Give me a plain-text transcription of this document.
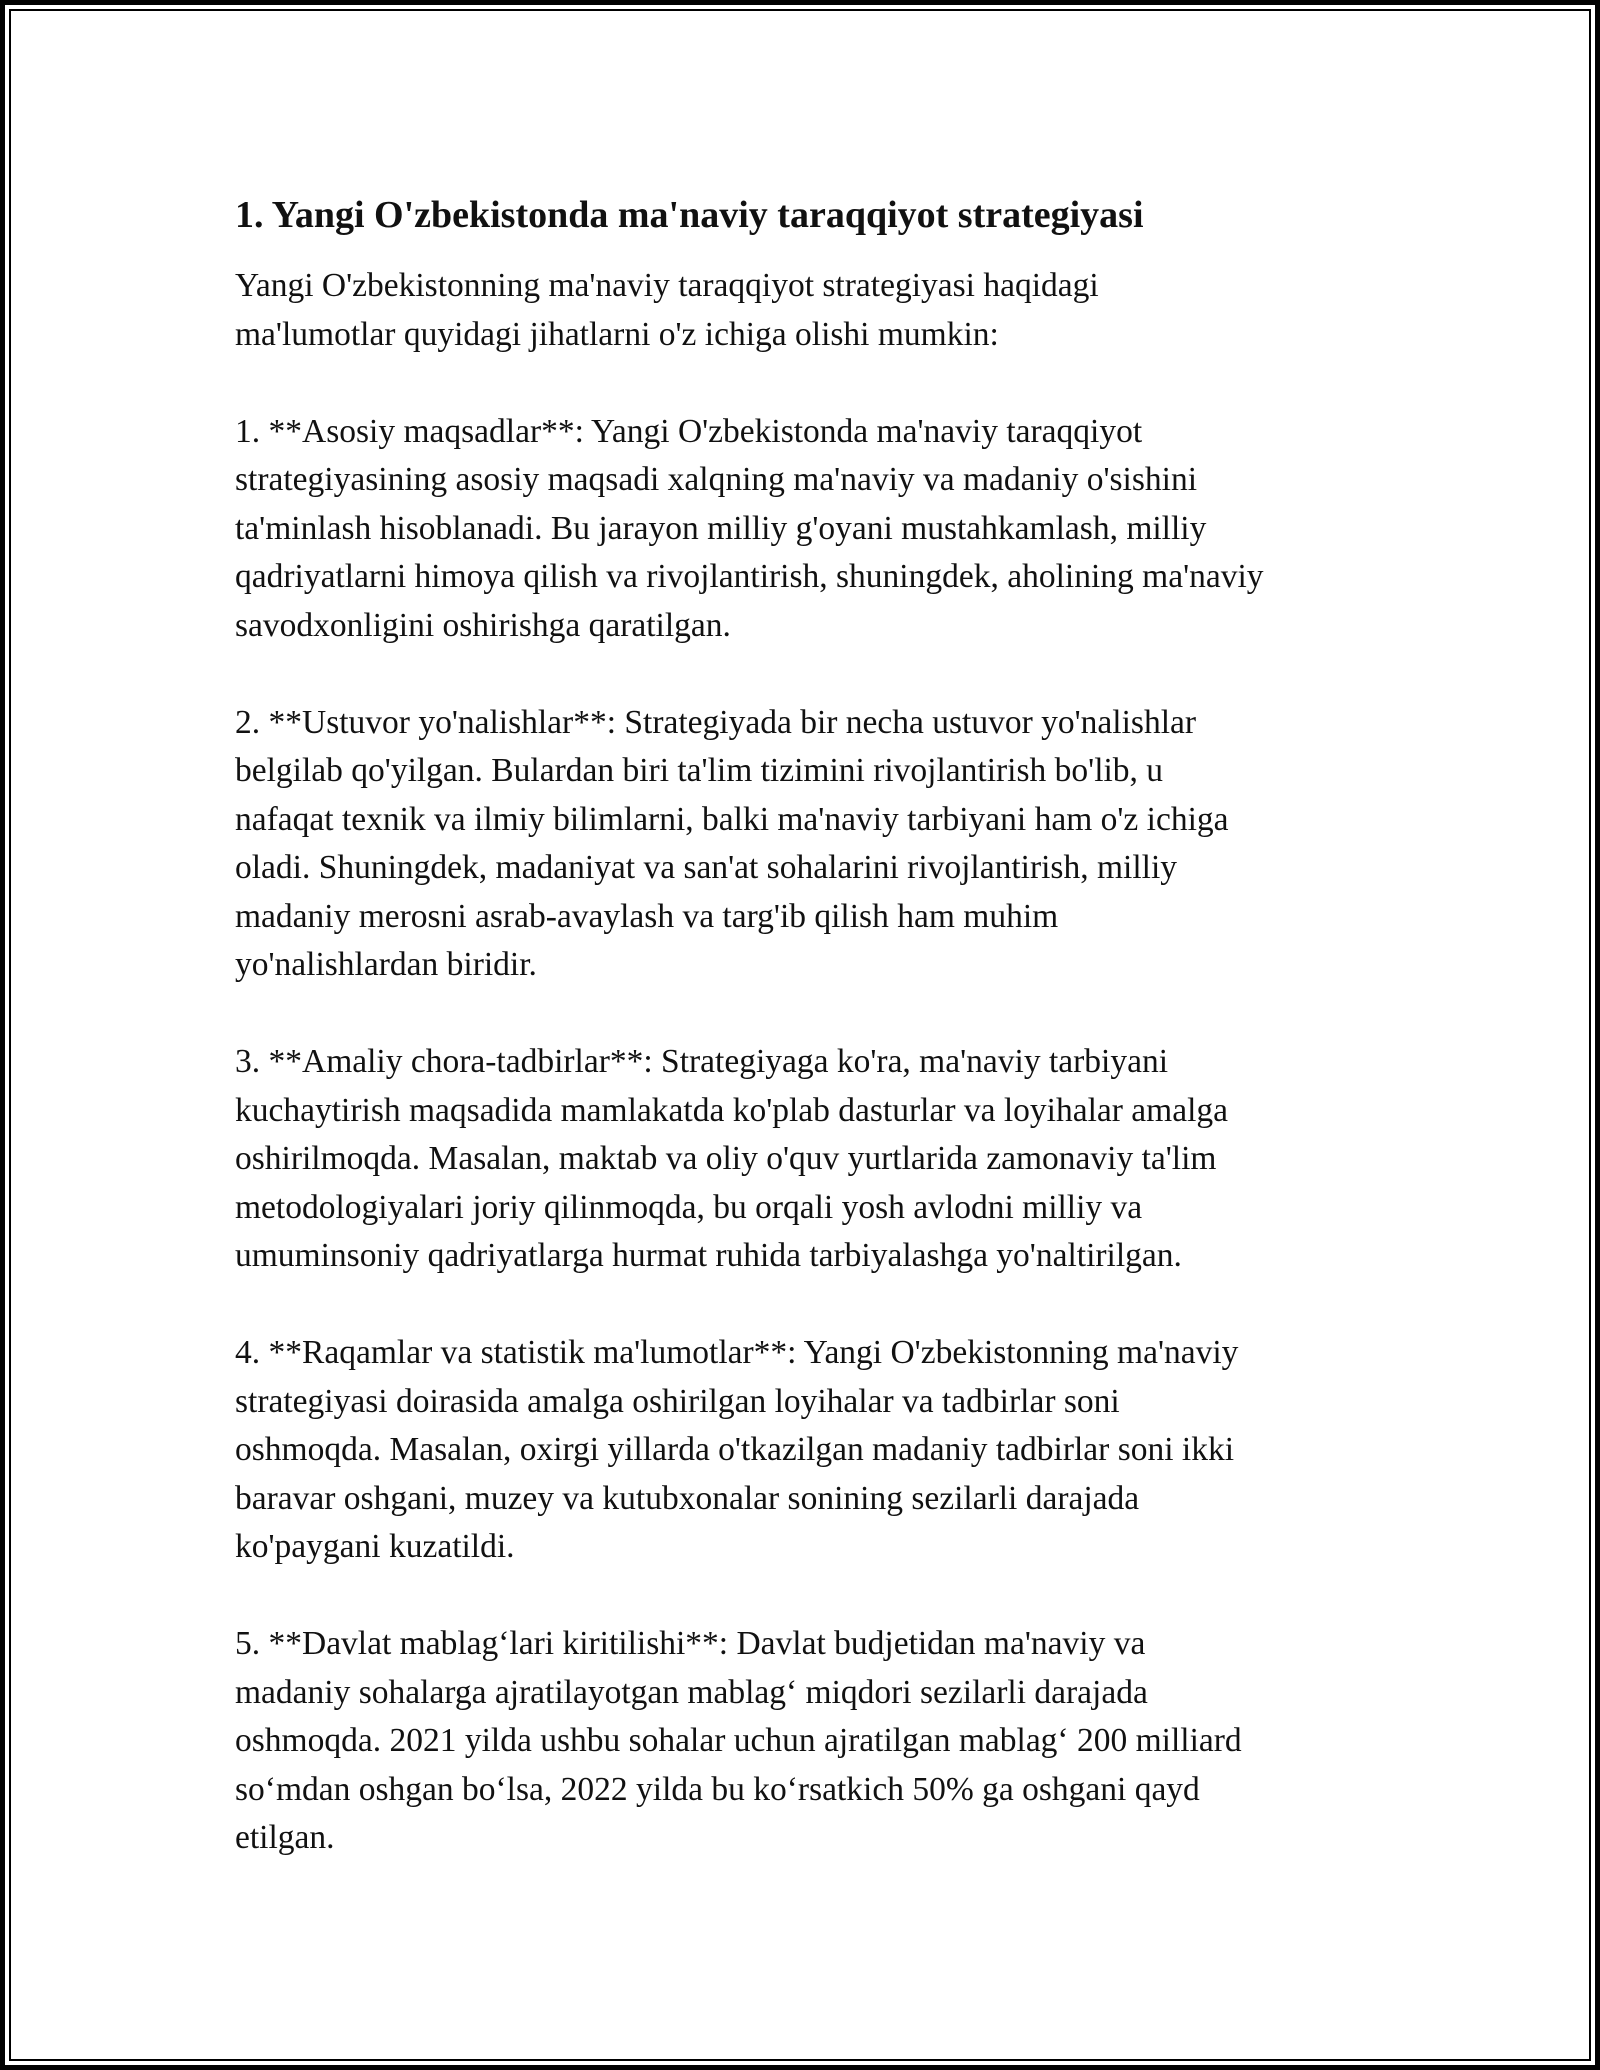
1. Yangi O'zbekistonda ma'naviy taraqqiyot strategiyasi

Yangi O'zbekistonning ma'naviy taraqqiyot strategiyasi haqidagi
ma'lumotlar quyidagi jihatlarni o'z ichiga olishi mumkin:

1. **Asosiy maqsadlar**: Yangi O'zbekistonda ma'naviy taraqqiyot
strategiyasining asosiy maqsadi xalqning ma'naviy va madaniy o'sishini
ta'minlash hisoblanadi. Bu jarayon milliy g'oyani mustahkamlash, milliy
qadriyatlarni himoya qilish va rivojlantirish, shuningdek, aholining ma'naviy
savodxonligini oshirishga qaratilgan.

2. **Ustuvor yo'nalishlar**: Strategiyada bir necha ustuvor yo'nalishlar
belgilab qo'yilgan. Bulardan biri ta'lim tizimini rivojlantirish bo'lib, u
nafaqat texnik va ilmiy bilimlarni, balki ma'naviy tarbiyani ham o'z ichiga
oladi. Shuningdek, madaniyat va san'at sohalarini rivojlantirish, milliy
madaniy merosni asrab-avaylash va targ'ib qilish ham muhim
yo'nalishlardan biridir.

3. **Amaliy chora-tadbirlar**: Strategiyaga ko'ra, ma'naviy tarbiyani
kuchaytirish maqsadida mamlakatda ko'plab dasturlar va loyihalar amalga
oshirilmoqda. Masalan, maktab va oliy o'quv yurtlarida zamonaviy ta'lim
metodologiyalari joriy qilinmoqda, bu orqali yosh avlodni milliy va
umuminsoniy qadriyatlarga hurmat ruhida tarbiyalashga yo'naltirilgan.

4. **Raqamlar va statistik ma'lumotlar**: Yangi O'zbekistonning ma'naviy
strategiyasi doirasida amalga oshirilgan loyihalar va tadbirlar soni
oshmoqda. Masalan, oxirgi yillarda o'tkazilgan madaniy tadbirlar soni ikki
baravar oshgani, muzey va kutubxonalar sonining sezilarli darajada
ko'paygani kuzatildi.

5. **Davlat mablag‘lari kiritilishi**: Davlat budjetidan ma'naviy va
madaniy sohalarga ajratilayotgan mablag‘ miqdori sezilarli darajada
oshmoqda. 2021 yilda ushbu sohalar uchun ajratilgan mablag‘ 200 milliard
so‘mdan oshgan bo‘lsa, 2022 yilda bu ko‘rsatkich 50% ga oshgani qayd
etilgan.
